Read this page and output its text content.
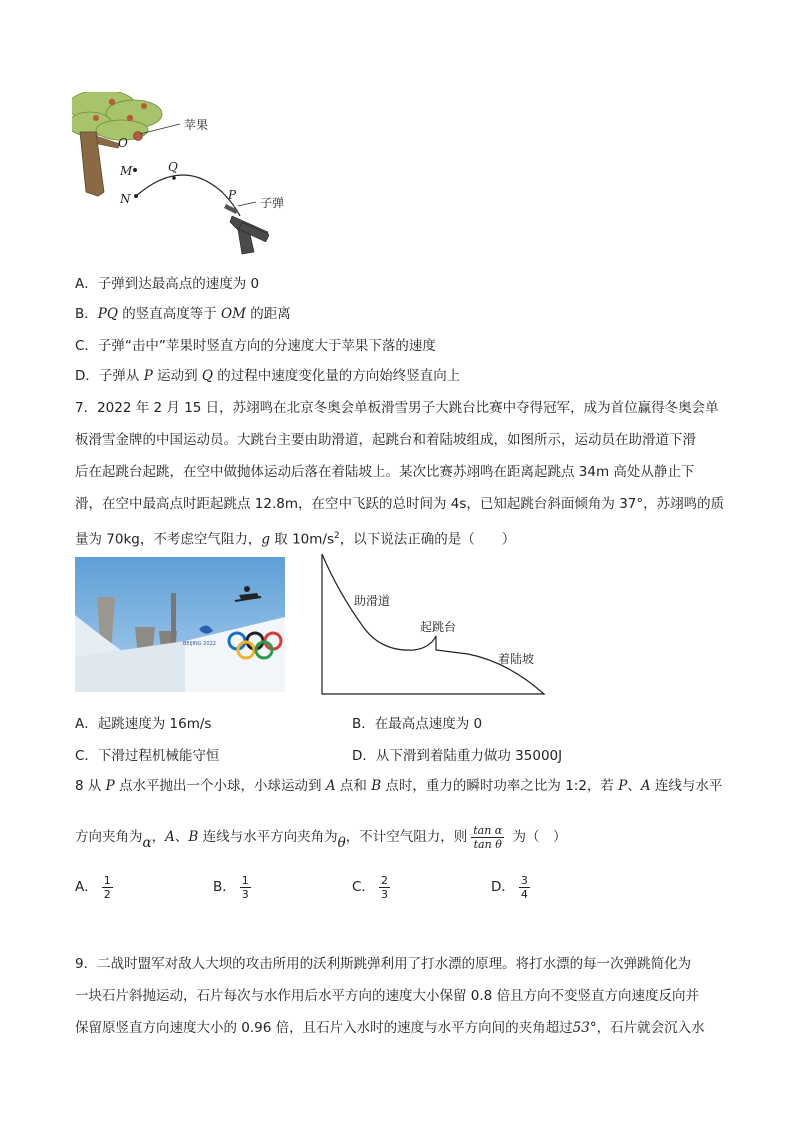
苹果
O
M	Q
N	P
子弹
A．子弹到达最高点的速度为 0
B．PQ 的竖直高度等于 OM 的距离
C．子弹“击中”苹果时竖直方向的分速度大于苹果下落的速度
D．子弹从 P 运动到 Q 的过程中速度变化量的方向始终竖直向上
7．2022 年 2 月 15 日，苏翊鸣在北京冬奥会单板滑雪男子大跳台比赛中夺得冠军，成为首位赢得冬奥会单
板滑雪金牌的中国运动员。大跳台主要由助滑道，起跳台和着陆坡组成，如图所示，运动员在助滑道下滑
后在起跳台起跳，在空中做抛体运动后落在着陆坡上。某次比赛苏翊鸣在距离起跳点 34m 高处从静止下
滑，在空中最高点时距起跳点 12.8m，在空中飞跃的总时间为 4s，已知起跳台斜面倾角为 37°，苏翊鸣的质
量为 70kg，不考虑空气阻力，g 取 $10m/s^2$，以下说法正确的是（　　）
BEIJING 2022
助滑道
起跳台
着陆坡
A．起跳速度为 16m/s	B．在最高点速度为 0
C．下滑过程机械能守恒	D．从下滑到着陆重力做功 35000J
8 从 P 点水平抛出一个小球，小球运动到 A 点和 B 点时，重力的瞬时功率之比为 1:2，若 P、A 连线与水平
方向夹角为α，A、B 连线与水平方向夹角为θ，不计空气阻力，则 $\frac{\text{tan α}}{\text{tan θ}}$ 为（　）
A． $\frac{1}{2}$	B． $\frac{1}{3}$	C． $\frac{2}{3}$	D． $\frac{3}{4}$
9．二战时盟军对敌人大坝的攻击所用的沃利斯跳弹利用了打水漂的原理。将打水漂的每一次弹跳简化为
一块石片斜抛运动，石片每次与水作用后水平方向的速度大小保留 0.8 倍且方向不变竖直方向速度反向并
保留原竖直方向速度大小的 0.96 倍，且石片入水时的速度与水平方向间的夹角超过53°，石片就会沉入水
